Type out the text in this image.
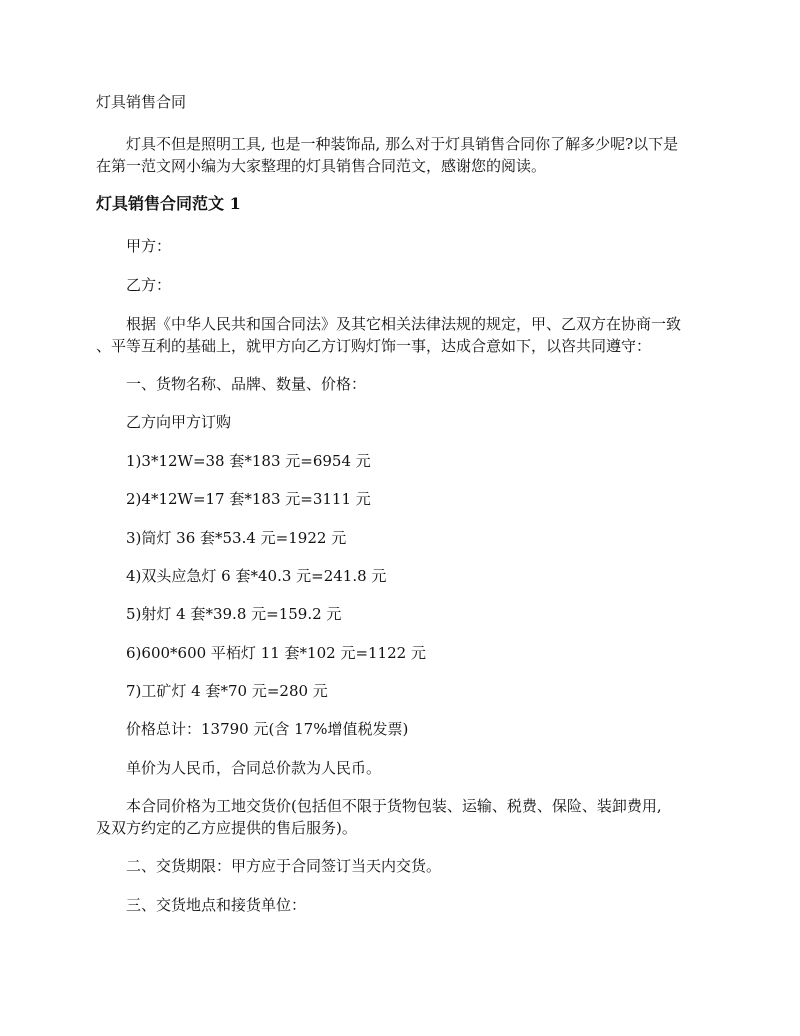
灯具销售合同

灯具不但是照明工具, 也是一种装饰品, 那么对于灯具销售合同你了解多少呢?以下是

在第一范文网小编为大家整理的灯具销售合同范文，感谢您的阅读。

灯具销售合同范文 1

甲方：

乙方：

根据《中华人民共和国合同法》及其它相关法律法规的规定，甲、乙双方在协商一致

、平等互利的基础上，就甲方向乙方订购灯饰一事，达成合意如下，以咨共同遵守：

一、货物名称、品牌、数量、价格：

乙方向甲方订购

1)3*12W=38 套*183 元=6954 元

2)4*12W=17 套*183 元=3111 元

3)筒灯 36 套*53.4 元=1922 元

4)双头应急灯 6 套*40.3 元=241.8 元

5)射灯 4 套*39.8 元=159.2 元

6)600*600 平栢灯 11 套*102 元=1122 元

7)工矿灯 4 套*70 元=280 元

价格总计：13790 元(含 17%增值税发票)

单价为人民币，合同总价款为人民币。

本合同价格为工地交货价(包括但不限于货物包装、运输、税费、保险、装卸费用,

及双方约定的乙方应提供的售后服务)。

二、交货期限：甲方应于合同签订当天内交货。

三、交货地点和接货单位：
